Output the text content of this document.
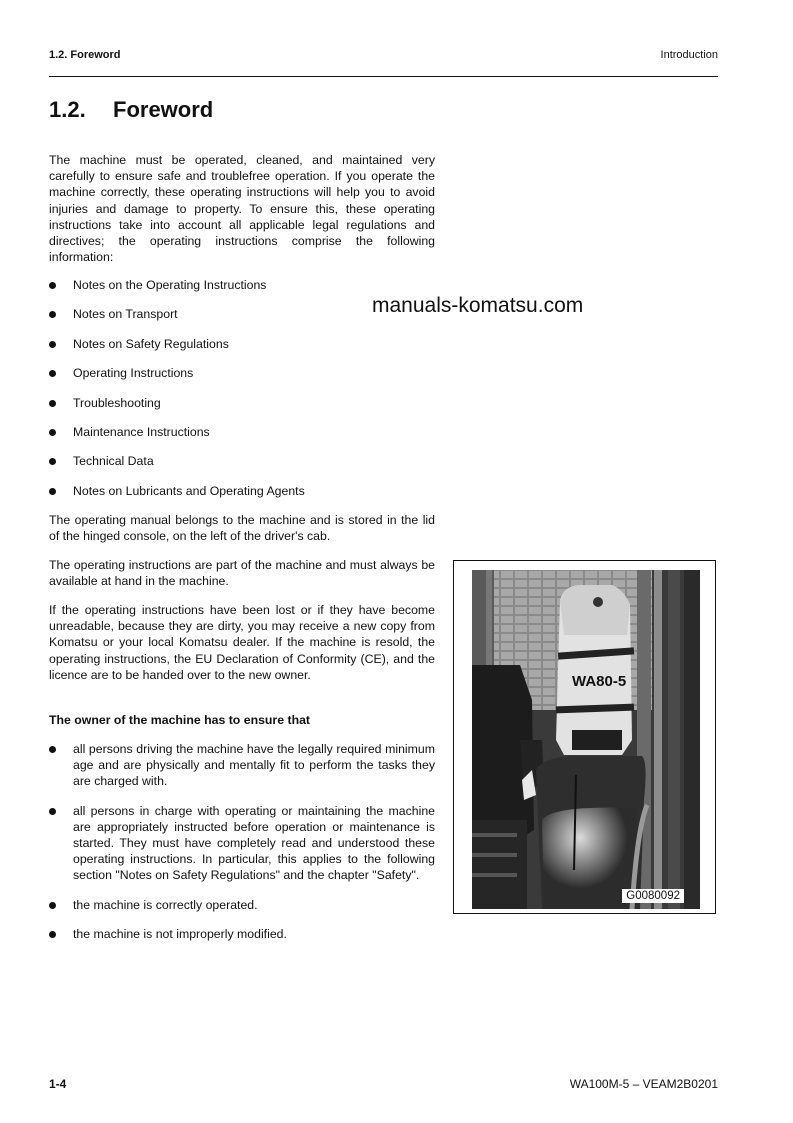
1.2. Foreword	Introduction
1.2. Foreword

The machine must be operated, cleaned, and maintained very carefully to ensure safe and troublefree operation. If you operate the machine correctly, these operating instructions will help you to avoid injuries and damage to property. To ensure this, these operating instructions take into account all applicable legal regulations and directives; the operating instructions comprise the following information:

Notes on the Operating Instructions
Notes on Transport
Notes on Safety Regulations
Operating Instructions
Troubleshooting
Maintenance Instructions
Technical Data
Notes on Lubricants and Operating Agents
manuals-komatsu.com

The operating manual belongs to the machine and is stored in the lid of the hinged console, on the left of the driver's cab.

The operating instructions are part of the machine and must always be available at hand in the machine.

If the operating instructions have been lost or if they have become unreadable, because they are dirty, you may receive a new copy from Komatsu or your local Komatsu dealer. If the machine is resold, the operating instructions, the EU Declaration of Conformity (CE), and the licence are to be handed over to the new owner.

The owner of the machine has to ensure that

all persons driving the machine have the legally required minimum age and are physically and mentally fit to perform the tasks they are charged with.
all persons in charge with operating or maintaining the machine are appropriately instructed before operation or maintenance is started. They must have completely read and understood these operating instructions. In particular, this applies to the following section "Notes on Safety Regulations" and the chapter "Safety".
the machine is correctly operated.
the machine is not improperly modified.
WA80-5
G0080092
1-4	WA100M-5 – VEAM2B0201
